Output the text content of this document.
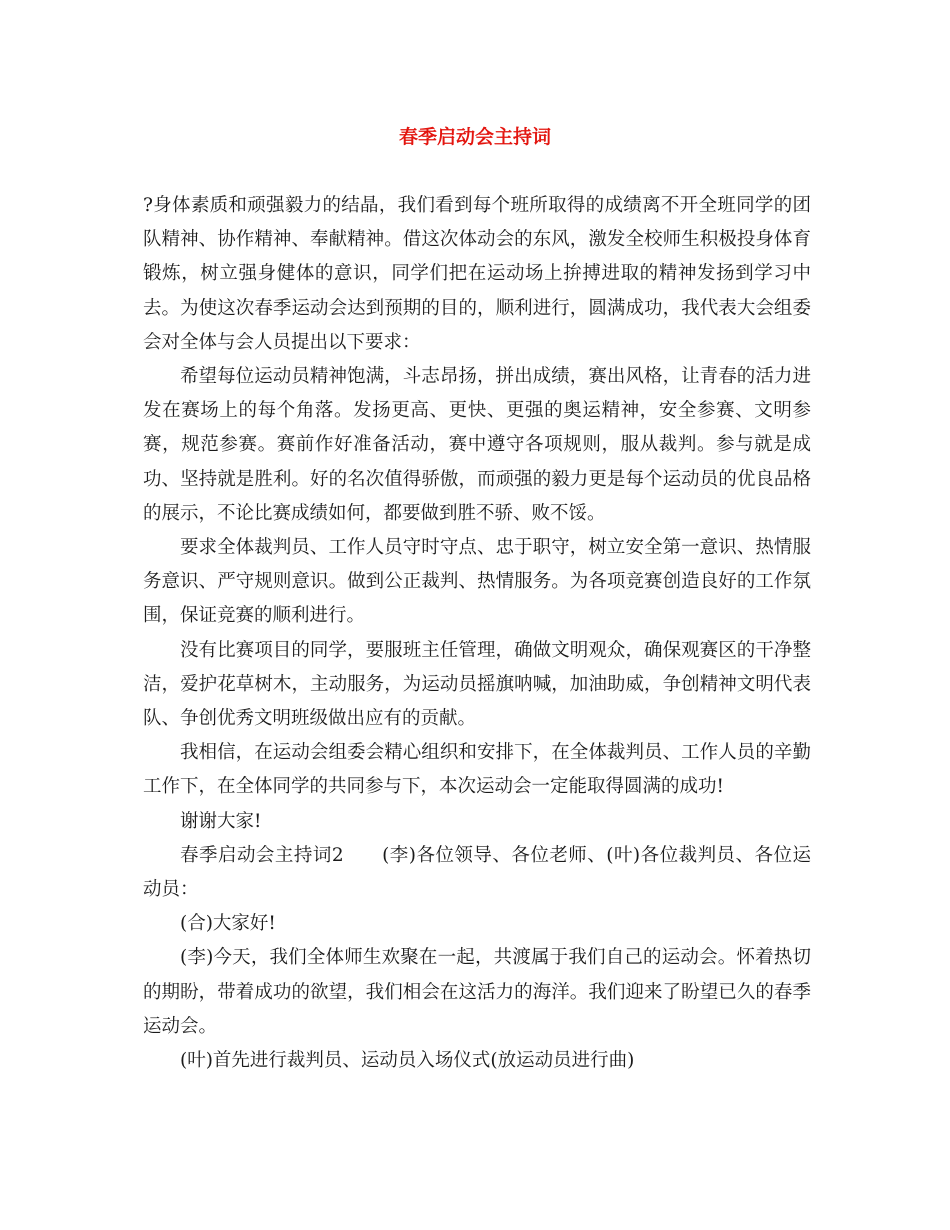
春季启动会主持词

?身体素质和顽强毅力的结晶，我们看到每个班所取得的成绩离不开全班同学的团队精神、协作精神、奉献精神。借这次体动会的东风，激发全校师生积极投身体育锻炼，树立强身健体的意识，同学们把在运动场上拚搏进取的精神发扬到学习中去。为使这次春季运动会达到预期的目的，顺利进行，圆满成功，我代表大会组委会对全体与会人员提出以下要求：

希望每位运动员精神饱满，斗志昂扬，拼出成绩，赛出风格，让青春的活力进发在赛场上的每个角落。发扬更高、更快、更强的奥运精神，安全参赛、文明参赛，规范参赛。赛前作好准备活动，赛中遵守各项规则，服从裁判。参与就是成功、坚持就是胜利。好的名次值得骄傲，而顽强的毅力更是每个运动员的优良品格的展示，不论比赛成绩如何，都要做到胜不骄、败不馁。

要求全体裁判员、工作人员守时守点、忠于职守，树立安全第一意识、热情服务意识、严守规则意识。做到公正裁判、热情服务。为各项竞赛创造良好的工作氛围，保证竞赛的顺利进行。

没有比赛项目的同学，要服班主任管理，确做文明观众，确保观赛区的干净整洁，爱护花草树木，主动服务，为运动员摇旗呐喊，加油助威，争创精神文明代表队、争创优秀文明班级做出应有的贡献。

我相信，在运动会组委会精心组织和安排下，在全体裁判员、工作人员的辛勤工作下，在全体同学的共同参与下，本次运动会一定能取得圆满的成功!

谢谢大家!

春季启动会主持词2　　(李)各位领导、各位老师、(叶)各位裁判员、各位运动员：

(合)大家好!

(李)今天，我们全体师生欢聚在一起，共渡属于我们自己的运动会。怀着热切的期盼，带着成功的欲望，我们相会在这活力的海洋。我们迎来了盼望已久的春季运动会。

(叶)首先进行裁判员、运动员入场仪式(放运动员进行曲)
